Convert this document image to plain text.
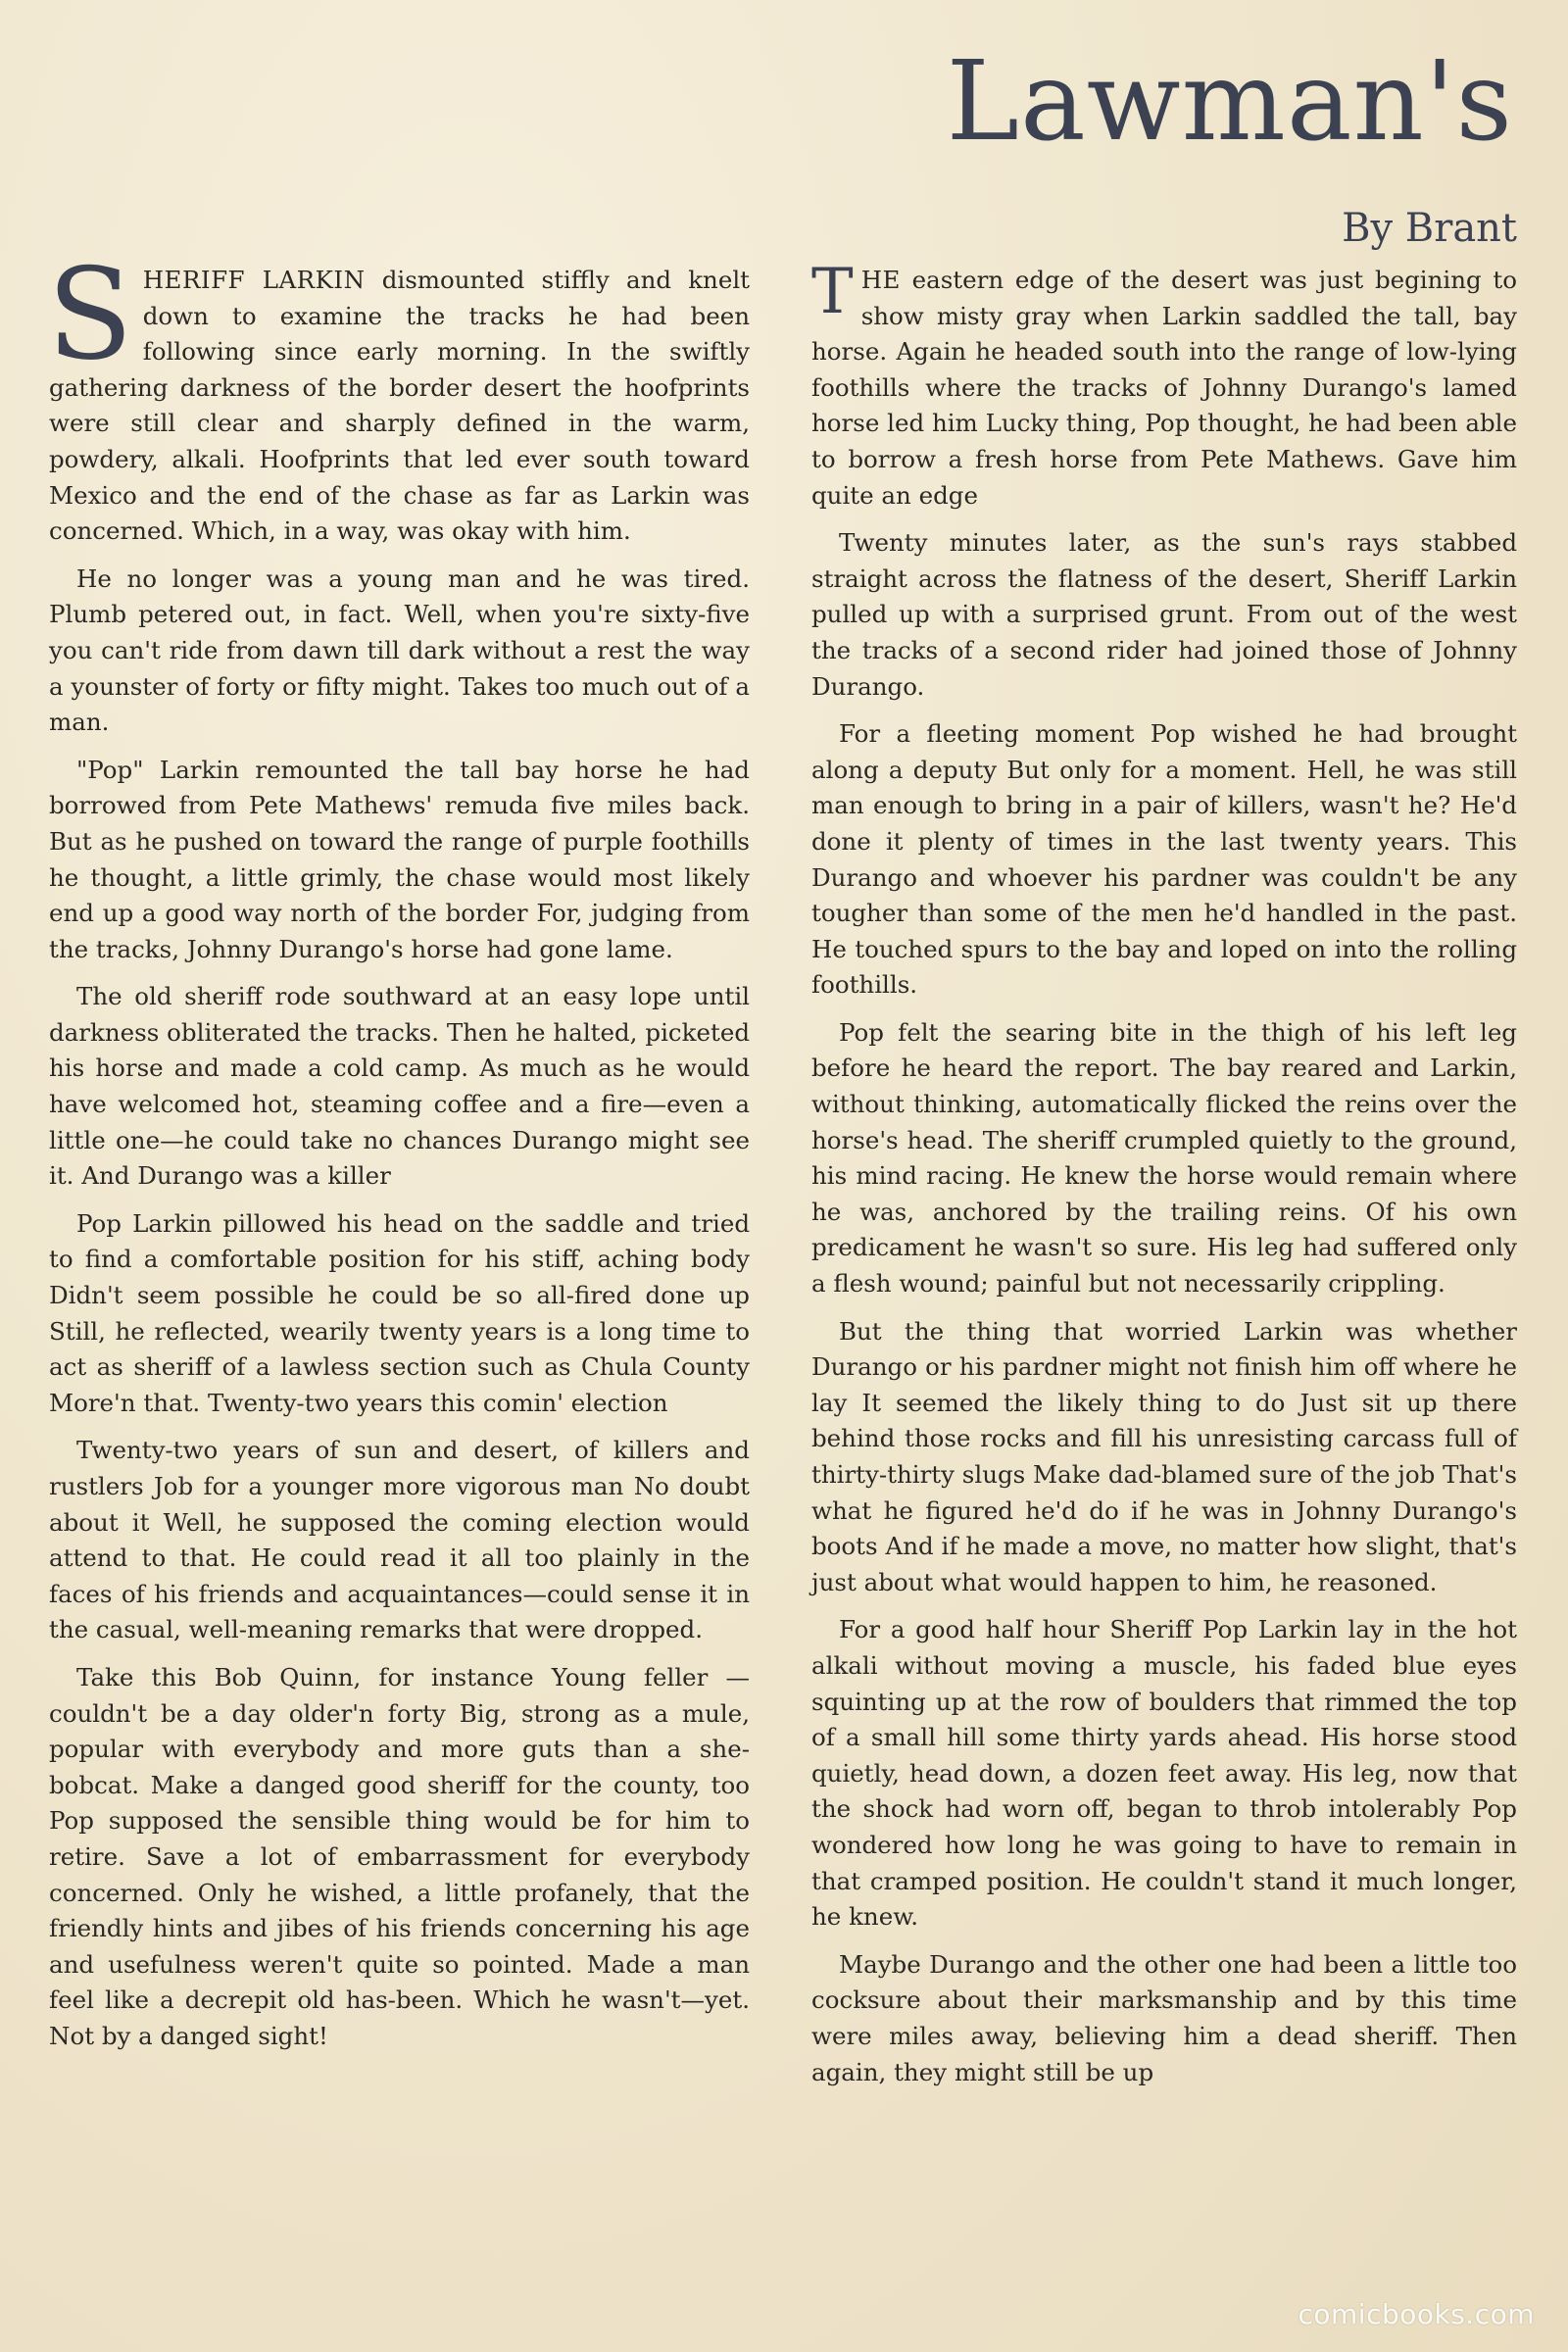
Lawman's
By Brant

SHERIFF LARKIN dismounted stiffly and knelt down to examine the tracks he had been following since early morning. In the swiftly gathering darkness of the border desert the hoofprints were still clear and sharply defined in the warm, powdery, alkali. Hoofprints that led ever south toward Mexico and the end of the chase as far as Larkin was concerned. Which, in a way, was okay with him.

He no longer was a young man and he was tired. Plumb petered out, in fact. Well, when you're sixty-five you can't ride from dawn till dark without a rest the way a younster of forty or fifty might. Takes too much out of a man.

"Pop" Larkin remounted the tall bay horse he had borrowed from Pete Mathews' remuda five miles back. But as he pushed on toward the range of purple foothills he thought, a little grimly, the chase would most likely end up a good way north of the border For, judging from the tracks, Johnny Durango's horse had gone lame.

The old sheriff rode southward at an easy lope until darkness obliterated the tracks. Then he halted, picketed his horse and made a cold camp. As much as he would have welcomed hot, steaming coffee and a fire—even a little one—he could take no chances Durango might see it. And Durango was a killer

Pop Larkin pillowed his head on the saddle and tried to find a comfortable position for his stiff, aching body Didn't seem possible he could be so all-fired done up Still, he reflected, wearily twenty years is a long time to act as sheriff of a lawless section such as Chula County More'n that. Twenty-two years this comin' election

Twenty-two years of sun and desert, of killers and rustlers Job for a younger more vigorous man No doubt about it Well, he supposed the coming election would attend to that. He could read it all too plainly in the faces of his friends and acquaintances—could sense it in the casual, well-meaning remarks that were dropped.

Take this Bob Quinn, for instance Young feller —couldn't be a day older'n forty Big, strong as a mule, popular with everybody and more guts than a she-bobcat. Make a danged good sheriff for the county, too Pop supposed the sensible thing would be for him to retire. Save a lot of embarrassment for everybody concerned. Only he wished, a little profanely, that the friendly hints and jibes of his friends concerning his age and usefulness weren't quite so pointed. Made a man feel like a decrepit old has-been. Which he wasn't—yet. Not by a danged sight!

THE eastern edge of the desert was just begining to show misty gray when Larkin saddled the tall, bay horse. Again he headed south into the range of low-lying foothills where the tracks of Johnny Durango's lamed horse led him Lucky thing, Pop thought, he had been able to borrow a fresh horse from Pete Mathews. Gave him quite an edge

Twenty minutes later, as the sun's rays stabbed straight across the flatness of the desert, Sheriff Larkin pulled up with a surprised grunt. From out of the west the tracks of a second rider had joined those of Johnny Durango.

For a fleeting moment Pop wished he had brought along a deputy But only for a moment. Hell, he was still man enough to bring in a pair of killers, wasn't he? He'd done it plenty of times in the last twenty years. This Durango and whoever his pardner was couldn't be any tougher than some of the men he'd handled in the past. He touched spurs to the bay and loped on into the rolling foothills.

Pop felt the searing bite in the thigh of his left leg before he heard the report. The bay reared and Larkin, without thinking, automatically flicked the reins over the horse's head. The sheriff crumpled quietly to the ground, his mind racing. He knew the horse would remain where he was, anchored by the trailing reins. Of his own predicament he wasn't so sure. His leg had suffered only a flesh wound; painful but not necessarily crippling.

But the thing that worried Larkin was whether Durango or his pardner might not finish him off where he lay It seemed the likely thing to do Just sit up there behind those rocks and fill his unresisting carcass full of thirty-thirty slugs Make dad-blamed sure of the job That's what he figured he'd do if he was in Johnny Durango's boots And if he made a move, no matter how slight, that's just about what would happen to him, he reasoned.

For a good half hour Sheriff Pop Larkin lay in the hot alkali without moving a muscle, his faded blue eyes squinting up at the row of boulders that rimmed the top of a small hill some thirty yards ahead. His horse stood quietly, head down, a dozen feet away. His leg, now that the shock had worn off, began to throb intolerably Pop wondered how long he was going to have to remain in that cramped position. He couldn't stand it much longer, he knew.

Maybe Durango and the other one had been a little too cocksure about their marksmanship and by this time were miles away, believing him a dead sheriff. Then again, they might still be up

comicbooks.com
